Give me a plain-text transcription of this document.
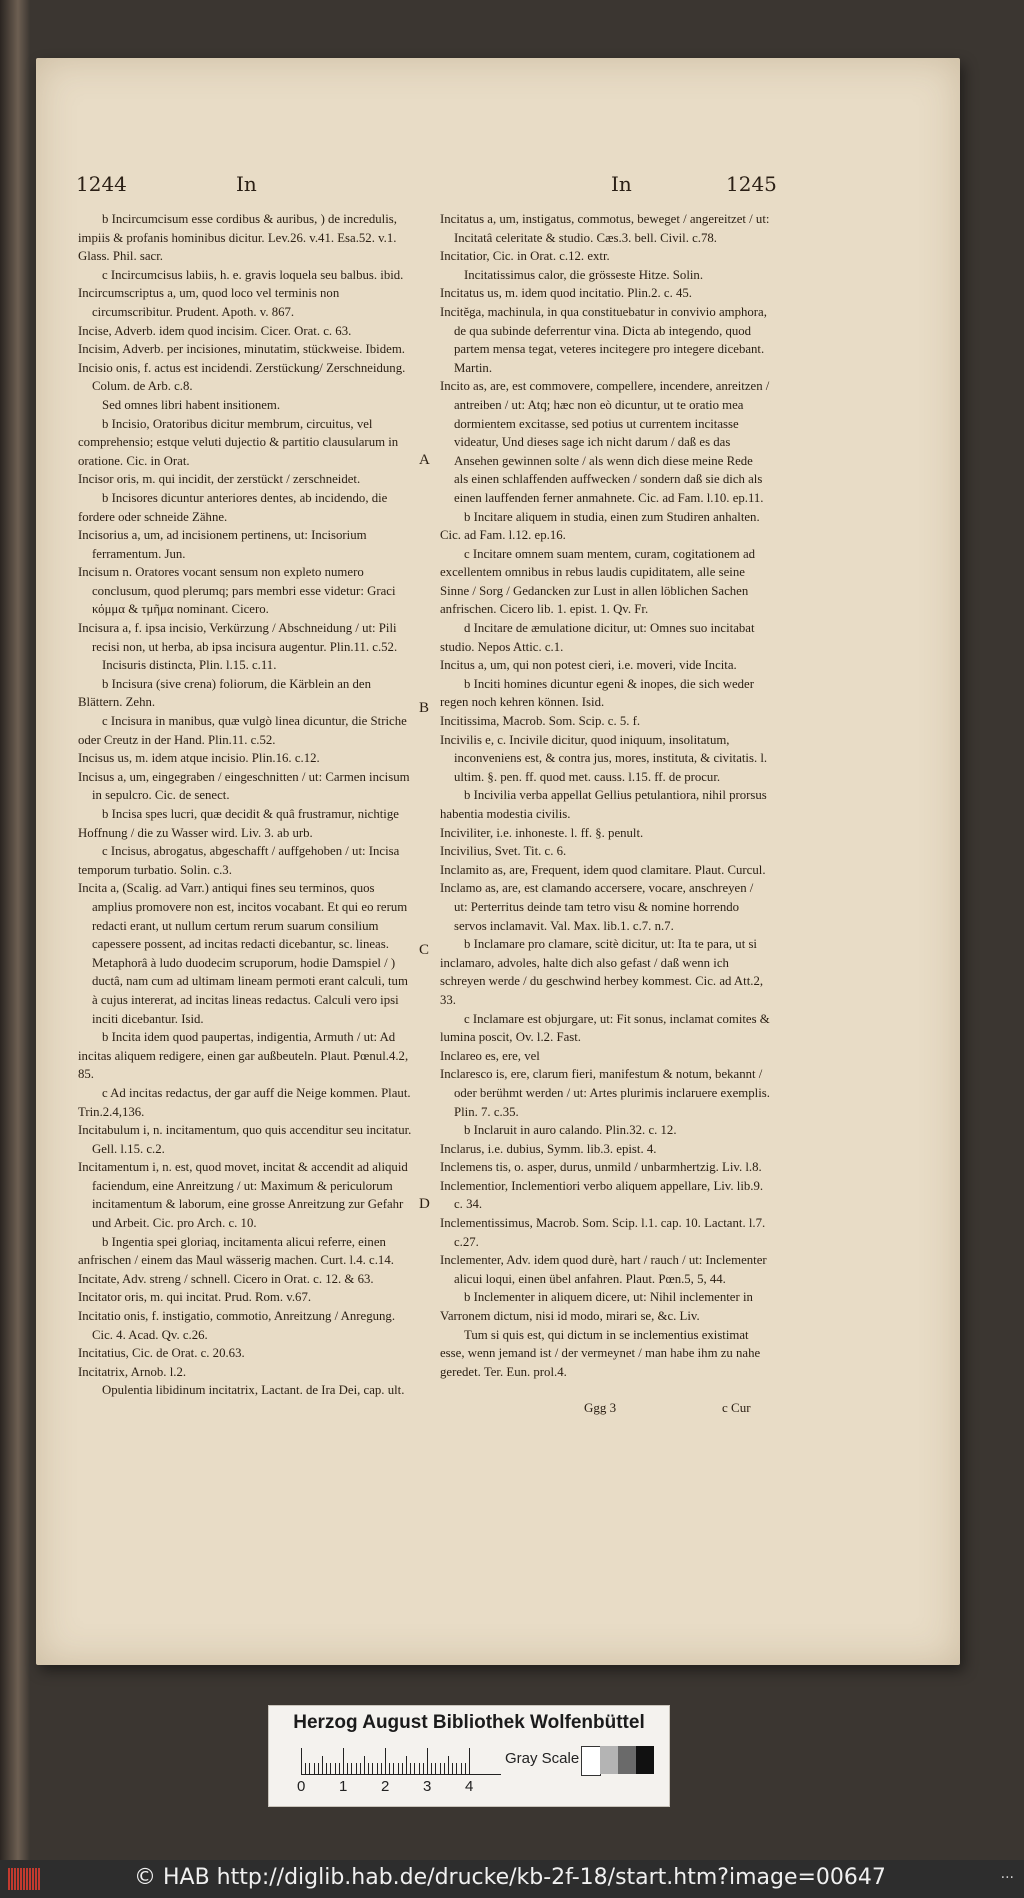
1244	In	In	1245

b Incircumcisum esse cordibus & auribus, ) de incredulis, impiis & profanis hominibus dicitur. Lev.26. v.41. Esa.52. v.1. Glass. Phil. sacr.

c Incircumcisus labiis, h. e. gravis loquela seu balbus. ibid.

Incircumscriptus a, um, quod loco vel terminis non circumscribitur. Prudent. Apoth. v. 867.

Incise, Adverb. idem quod incisim. Cicer. Orat. c. 63.

Incisim, Adverb. per incisiones, minutatim, stückweise. Ibidem.

Incisio onis, f. actus est incidendi. Zerstückung/ Zerschneidung. Colum. de Arb. c.8.

Sed omnes libri habent insitionem.

b Incisio, Oratoribus dicitur membrum, circuitus, vel comprehensio; estque veluti dujectio & partitio clausularum in oratione. Cic. in Orat.

Incisor oris, m. qui incidit, der zerstückt / zerschneidet.

b Incisores dicuntur anteriores dentes, ab incidendo, die fordere oder schneide Zähne.

Incisorius a, um, ad incisionem pertinens, ut: Incisorium ferramentum. Jun.

Incisum n. Oratores vocant sensum non expleto numero conclusum, quod plerumq; pars membri esse videtur: Graci κόμμα & τμῆμα nominant. Cicero.

Incisura a, f. ipsa incisio, Verkürzung / Abschneidung / ut: Pili recisi non, ut herba, ab ipsa incisura augentur. Plin.11. c.52.

Incisuris distincta, Plin. l.15. c.11.

b Incisura (sive crena) foliorum, die Kärblein an den Blättern. Zehn.

c Incisura in manibus, quæ vulgò linea dicuntur, die Striche oder Creutz in der Hand. Plin.11. c.52.

Incisus us, m. idem atque incisio. Plin.16. c.12.

Incisus a, um, eingegraben / eingeschnitten / ut: Carmen incisum in sepulcro. Cic. de senect.

b Incisa spes lucri, quæ decidit & quâ frustramur, nichtige Hoffnung / die zu Wasser wird. Liv. 3. ab urb.

c Incisus, abrogatus, abgeschafft / auffgehoben / ut: Incisa temporum turbatio. Solin. c.3.

Incita a, (Scalig. ad Varr.) antiqui fines seu terminos, quos amplius promovere non est, incitos vocabant. Et qui eo rerum redacti erant, ut nullum certum rerum suarum consilium capessere possent, ad incitas redacti dicebantur, sc. lineas. Metaphorâ à ludo duodecim scruporum, hodie Damspiel / ) ductâ, nam cum ad ultimam lineam permoti erant calculi, tum à cujus intererat, ad incitas lineas redactus. Calculi vero ipsi inciti dicebantur. Isid.

b Incita idem quod paupertas, indigentia, Armuth / ut: Ad incitas aliquem redigere, einen gar außbeuteln. Plaut. Pœnul.4.2, 85.

c Ad incitas redactus, der gar auff die Neige kommen. Plaut. Trin.2.4,136.

Incitabulum i, n. incitamentum, quo quis accenditur seu incitatur. Gell. l.15. c.2.

Incitamentum i, n. est, quod movet, incitat & accendit ad aliquid faciendum, eine Anreitzung / ut: Maximum & periculorum incitamentum & laborum, eine grosse Anreitzung zur Gefahr und Arbeit. Cic. pro Arch. c. 10.

b Ingentia spei gloriaq, incitamenta alicui referre, einen anfrischen / einem das Maul wässerig machen. Curt. l.4. c.14.

Incitate, Adv. streng / schnell. Cicero in Orat. c. 12. & 63.

Incitator oris, m. qui incitat. Prud. Rom. v.67.

Incitatio onis, f. instigatio, commotio, Anreitzung / Anregung. Cic. 4. Acad. Qv. c.26.

Incitatius, Cic. de Orat. c. 20.63.

Incitatrix, Arnob. l.2.

Opulentia libidinum incitatrix, Lactant. de Ira Dei, cap. ult.

Incitatus a, um, instigatus, commotus, beweget / angereitzet / ut: Incitatâ celeritate & studio. Cæs.3. bell. Civil. c.78.

Incitatior, Cic. in Orat. c.12. extr.

Incitatissimus calor, die grösseste Hitze. Solin.

Incitatus us, m. idem quod incitatio. Plin.2. c. 45.

Incitĕga, machinula, in qua constituebatur in convivio amphora, de qua subinde deferrentur vina. Dicta ab integendo, quod partem mensa tegat, veteres incitegere pro integere dicebant. Martin.

Incito as, are, est commovere, compellere, incendere, anreitzen / antreiben / ut: Atq; hæc non eò dicuntur, ut te oratio mea dormientem excitasse, sed potius ut currentem incitasse videatur, Und dieses sage ich nicht darum / daß es das Ansehen gewinnen solte / als wenn dich diese meine Rede als einen schlaffenden auffwecken / sondern daß sie dich als einen lauffenden ferner anmahnete. Cic. ad Fam. l.10. ep.11.

b Incitare aliquem in studia, einen zum Studiren anhalten. Cic. ad Fam. l.12. ep.16.

c Incitare omnem suam mentem, curam, cogitationem ad excellentem omnibus in rebus laudis cupiditatem, alle seine Sinne / Sorg / Gedancken zur Lust in allen löblichen Sachen anfrischen. Cicero lib. 1. epist. 1. Qv. Fr.

d Incitare de æmulatione dicitur, ut: Omnes suo incitabat studio. Nepos Attic. c.1.

Incitus a, um, qui non potest cieri, i.e. moveri, vide Incita.

b Inciti homines dicuntur egeni & inopes, die sich weder regen noch kehren können. Isid.

Incitissima, Macrob. Som. Scip. c. 5. f.

Incivilis e, c. Incivile dicitur, quod iniquum, insolitatum, inconveniens est, & contra jus, mores, instituta, & civitatis. l. ultim. §. pen. ff. quod met. causs. l.15. ff. de procur.

b Incivilia verba appellat Gellius petulantiora, nihil prorsus habentia modestia civilis.

Inciviliter, i.e. inhoneste. l. ff. §. penult.

Incivilius, Svet. Tit. c. 6.

Inclamito as, are, Frequent, idem quod clamitare. Plaut. Curcul.

Inclamo as, are, est clamando accersere, vocare, anschreyen / ut: Perterritus deinde tam tetro visu & nomine horrendo servos inclamavit. Val. Max. lib.1. c.7. n.7.

b Inclamare pro clamare, scitè dicitur, ut: Ita te para, ut si inclamaro, advoles, halte dich also gefast / daß wenn ich schreyen werde / du geschwind herbey kommest. Cic. ad Att.2, 33.

c Inclamare est objurgare, ut: Fit sonus, inclamat comites & lumina poscit, Ov. l.2. Fast.

Inclareo es, ere, vel

Inclaresco is, ere, clarum fieri, manifestum & notum, bekannt / oder berühmt werden / ut: Artes plurimis inclaruere exemplis. Plin. 7. c.35.

b Inclaruit in auro calando. Plin.32. c. 12.

Inclarus, i.e. dubius, Symm. lib.3. epist. 4.

Inclemens tis, o. asper, durus, unmild / unbarmhertzig. Liv. l.8.

Inclementior, Inclementiori verbo aliquem appellare, Liv. lib.9. c. 34.

Inclementissimus, Macrob. Som. Scip. l.1. cap. 10. Lactant. l.7. c.27.

Inclementer, Adv. idem quod durè, hart / rauch / ut: Inclementer alicui loqui, einen übel anfahren. Plaut. Pœn.5, 5, 44.

b Inclementer in aliquem dicere, ut: Nihil inclementer in Varronem dictum, nisi id modo, mirari se, &c. Liv.

Tum si quis est, qui dictum in se inclementius existimat esse, wenn jemand ist / der vermeynet / man habe ihm zu nahe geredet. Ter. Eun. prol.4.

A
B
C
D
Ggg 3	c Cur
Herzog August Bibliothek Wolfenbüttel
0 1 2 3 4
Gray Scale
© HAB http://diglib.hab.de/drucke/kb-2f-18/start.htm?image=00647	...
